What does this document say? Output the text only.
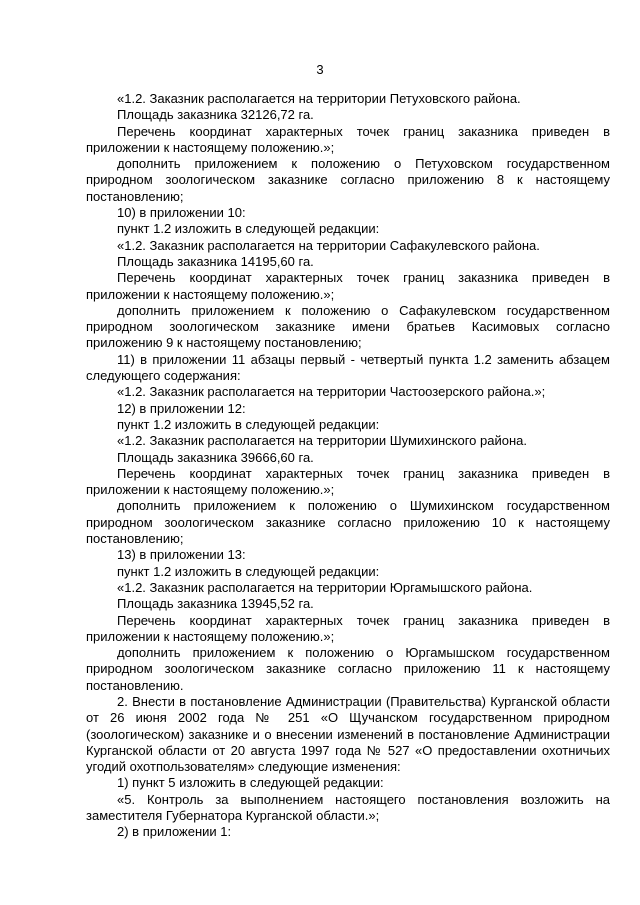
3

«1.2. Заказник располагается на территории Петуховского района.

Площадь заказника 32126,72 га.

Перечень координат характерных точек границ заказника приведен в приложении к настоящему положению.»;

дополнить приложением к положению о Петуховском государственном природном зоологическом заказнике согласно приложению 8 к настоящему постановлению;

10) в приложении 10:

пункт 1.2 изложить в следующей редакции:

«1.2. Заказник располагается на территории Сафакулевского района.

Площадь заказника 14195,60 га.

Перечень координат характерных точек границ заказника приведен в приложении к настоящему положению.»;

дополнить приложением к положению о Сафакулевском государственном природном зоологическом заказнике имени братьев Касимовых согласно приложению 9 к настоящему постановлению;

11) в приложении 11 абзацы первый - четвертый пункта 1.2 заменить абзацем следующего содержания:

«1.2. Заказник располагается на территории Частоозерского района.»;

12) в приложении 12:

пункт 1.2 изложить в следующей редакции:

«1.2. Заказник располагается на территории Шумихинского района.

Площадь заказника 39666,60 га.

Перечень координат характерных точек границ заказника приведен в приложении к настоящему положению.»;

дополнить приложением к положению о Шумихинском государственном природном зоологическом заказнике согласно приложению 10 к настоящему постановлению;

13) в приложении 13:

пункт 1.2 изложить в следующей редакции:

«1.2. Заказник располагается на территории Юргамышского района.

Площадь заказника 13945,52 га.

Перечень координат характерных точек границ заказника приведен в приложении к настоящему положению.»;

дополнить приложением к положению о Юргамышском государственном природном зоологическом заказнике согласно приложению 11 к настоящему постановлению.

2. Внести в постановление Администрации (Правительства) Курганской области от 26 июня 2002 года № 251 «О Щучанском государственном природном (зоологическом) заказнике и о внесении изменений в постановление Администрации Курганской области от 20 августа 1997 года № 527 «О предоставлении охотничьих угодий охотпользователям» следующие изменения:

1) пункт 5 изложить в следующей редакции:

«5. Контроль за выполнением настоящего постановления возложить на заместителя Губернатора Курганской области.»;

2) в приложении 1:
